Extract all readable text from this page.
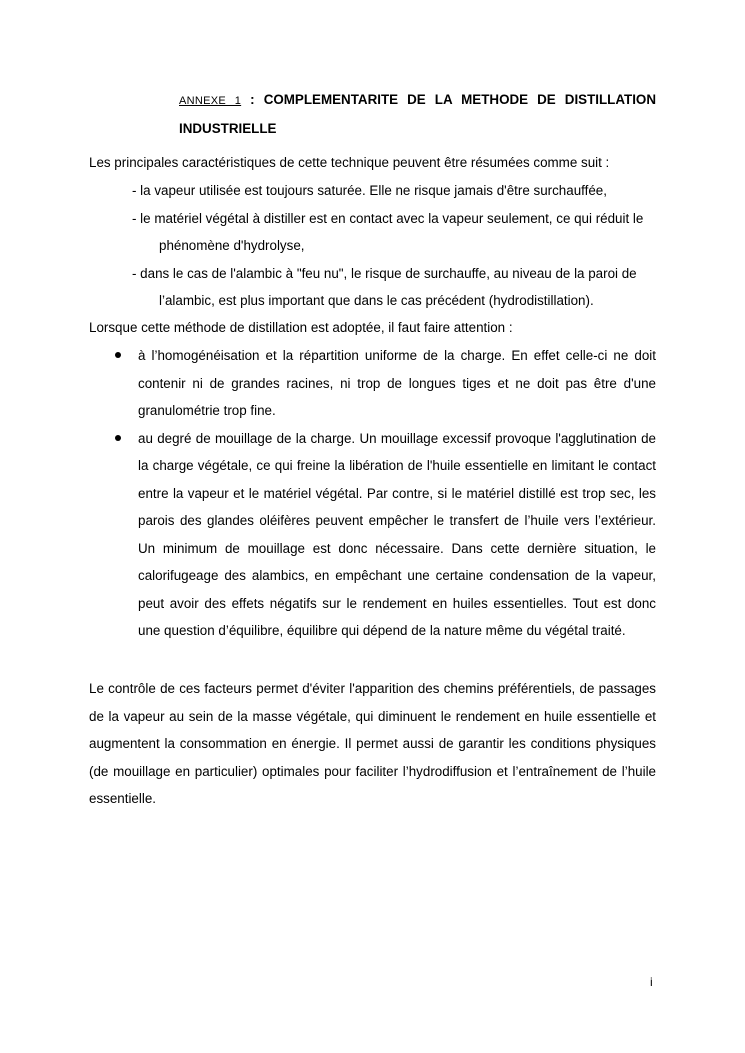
ANNEXE 1 : COMPLEMENTARITE DE LA METHODE DE DISTILLATION INDUSTRIELLE

Les principales caractéristiques de cette technique peuvent être résumées comme suit :

- la vapeur utilisée est toujours saturée. Elle ne risque jamais d'être surchauffée,
- le matériel végétal à distiller est en contact avec la vapeur seulement, ce qui réduit le phénomène d'hydrolyse,
- dans le cas de l'alambic à "feu nu", le risque de surchauffe, au niveau de la paroi de l’alambic, est plus important que dans le cas précédent (hydrodistillation).

Lorsque cette méthode de distillation est adoptée, il faut faire attention :

à l’homogénéisation et la répartition uniforme de la charge. En effet celle-ci ne doit contenir ni de grandes racines, ni trop de longues tiges et ne doit pas être d'une granulométrie trop fine.
au degré de mouillage de la charge. Un mouillage excessif provoque l'agglutination de la charge végétale, ce qui freine la libération de l'huile essentielle en limitant le contact entre la vapeur et le matériel végétal. Par contre, si le matériel distillé est trop sec, les parois des glandes oléifères peuvent empêcher le transfert de l’huile vers l’extérieur. Un minimum de mouillage est donc nécessaire. Dans cette dernière situation, le calorifugeage des alambics, en empêchant une certaine condensation de la vapeur, peut avoir des effets négatifs sur le rendement en huiles essentielles. Tout est donc une question d’équilibre, équilibre qui dépend de la nature même du végétal traité.

Le contrôle de ces facteurs permet d'éviter l'apparition des chemins préférentiels, de passages de la vapeur au sein de la masse végétale, qui diminuent le rendement en huile essentielle et augmentent la consommation en énergie. Il permet aussi de garantir les conditions physiques (de mouillage en particulier) optimales pour faciliter l’hydrodiffusion et l’entraînement de l’huile essentielle.

i
